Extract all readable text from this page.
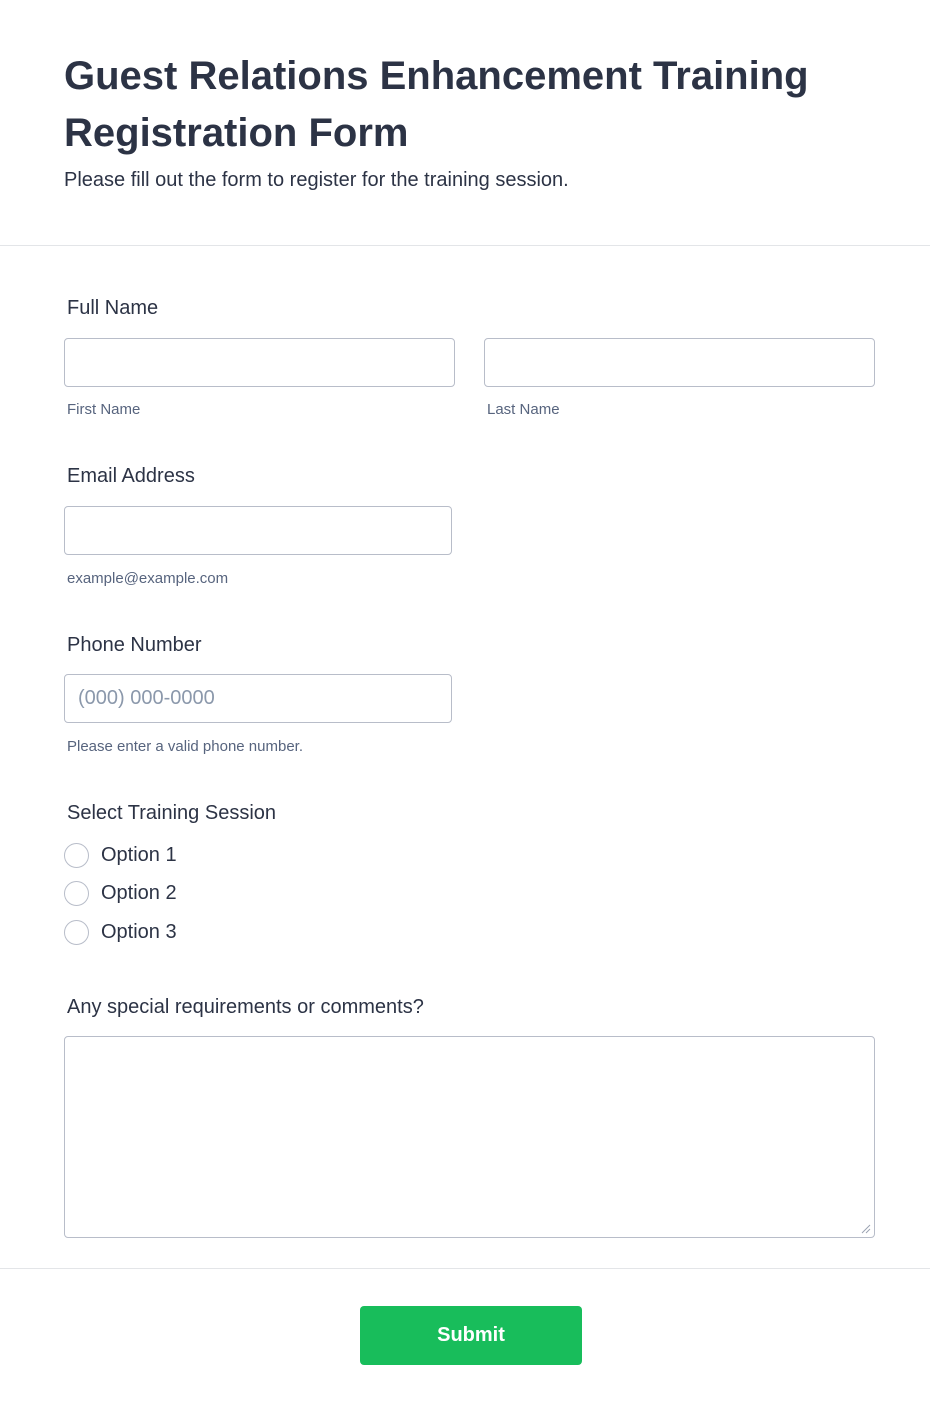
Guest Relations Enhancement Training Registration Form

Please fill out the form to register for the training session.

Full Name
First Name	Last Name
Email Address
example@example.com
Phone Number
(000) 000-0000
Please enter a valid phone number.
Select Training Session
Option 1
Option 2
Option 3
Any special requirements or comments?
Submit
